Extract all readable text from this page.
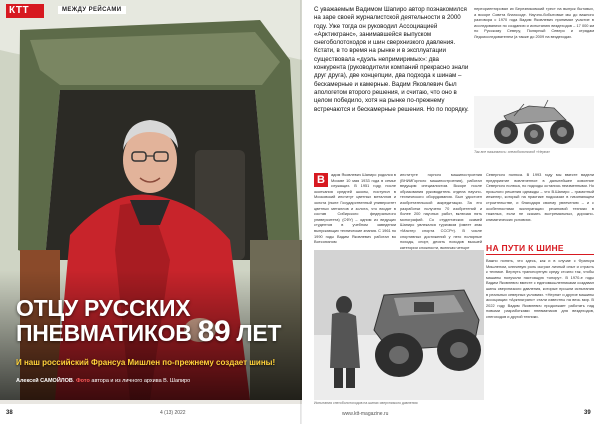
КТТ	МЕЖДУ РЕЙСАМИ
ОТЦУ РУССКИХ
ПНЕВМАТИКОВ 89 ЛЕТ
И наш российский Франсуа Мишлен по-прежнему создает шины!
Алексей САМОЙЛОВ. Фото автора и из личного архива В. Шапиро
38	4 (13) 2022

С уважаемым Вадимом Шапиро автор познакомился на заре своей журналистской деятельности в 2000 году. Уже тогда он руководил Ассоциацией «Арктикгранс», занимавшейся выпуском снегоболотоходов и шин сверхнизкого давления. Кстати, в то время на рынке и в эксплуатации существовала «дуэль непримиримых»: два конкурента (руководители компаний прекрасно знали друг друга), две концепции, два подхода к шинам – бескамерные и камерные. Вадим Яковлевич был апологетом второго решения, и считаю, что оно в целом победило, хотя на рынке по-прежнему встречаются и бескамерные решения. Но по порядку.

переориентировал их Березниковский трест на выпуск бытовых, а вскоре Совета благосоде. Научно-бобытовые мы до важного разговора с 1970 года Вадим Яковлевич принимал участие в исследованиях по созданию и испытанию вездеходов – 17 000 км по Русскому Северу, Полярный Северо и отрядам Ледоисследователем (а также до 2009 на вездеходах.
Так все начиналось: снегоболотоход «Нерпа»
В	адим Яковлевич Шапиро родился в Москве 10 мая 1933 года в семье служащих. В 1951 году, после окончания средней школы, поступил в Московский институт цветных металлов и золота (ныне Государственный университет цветных металлов и золота, что входит в состав Сибирского федерального университета) (СФУ) – одним из ведущих студентов в учебном заведении выпускающих технические знания. С 1961 по 1990 годы Вадим Яковлевич работал во Всесоюзном
институте горного машиностроения (ВНИИГорного машиностроения), работал ведущим специалистом. Вскоре после образования руководитель отдела научно-технического оборудования. Был удостоен изобретательской аккредитации. За его разработки получено 70 изобретений и более 200 научных работ, включая пять монографий. Со студенческих скамей Шапиро увлекался туризмом (имеет знак «Мастер спорта СССР»). В числе спортивных достижений у него полярные походы, спорт, десять походов высшей категории сложности, включая четыре
Северного полюса. В 1993 году мы вместе видели предприятие вовлеченное в дальнейшее освоение Северного полюса, но подходы остались неизменными. Но прошлого решения однажды – что В.Шапиро – грамотный инженер, который на практике подсказал в начинающем строительстве, и благодаря своему увлечению – и с особенностями эксплуатации резиновой техники в тяжелых, если не сказать экстремальных, дорожно-климатических условиях.
Испытания снегоболотоходов на шинах сверхнизкого давления
НА ПУТИ К ШИНЕ
Важно понять, что здесь, как и в случае с Франсуа Мишленом, ключевую роль сыграл личный опыт и страсть к технике. Вернуть транспортную среду стоило так, чтобы машины получили настоящую «опору». В 1970-е годы Вадим Яковлевич вместе с единомышленниками создавал шины сверхнизкого давления, которые прошли испытания в реальных северных условиях. «Нерпа» и другие машины ассоциации «Арктикгранс» стали известны на весь мир. В 2022 году Вадим Яковлевич продолжает работать над новыми разработками пневматиков для вездеходов, снегоходов и другой техники.
www.ktt-magazine.ru	39
